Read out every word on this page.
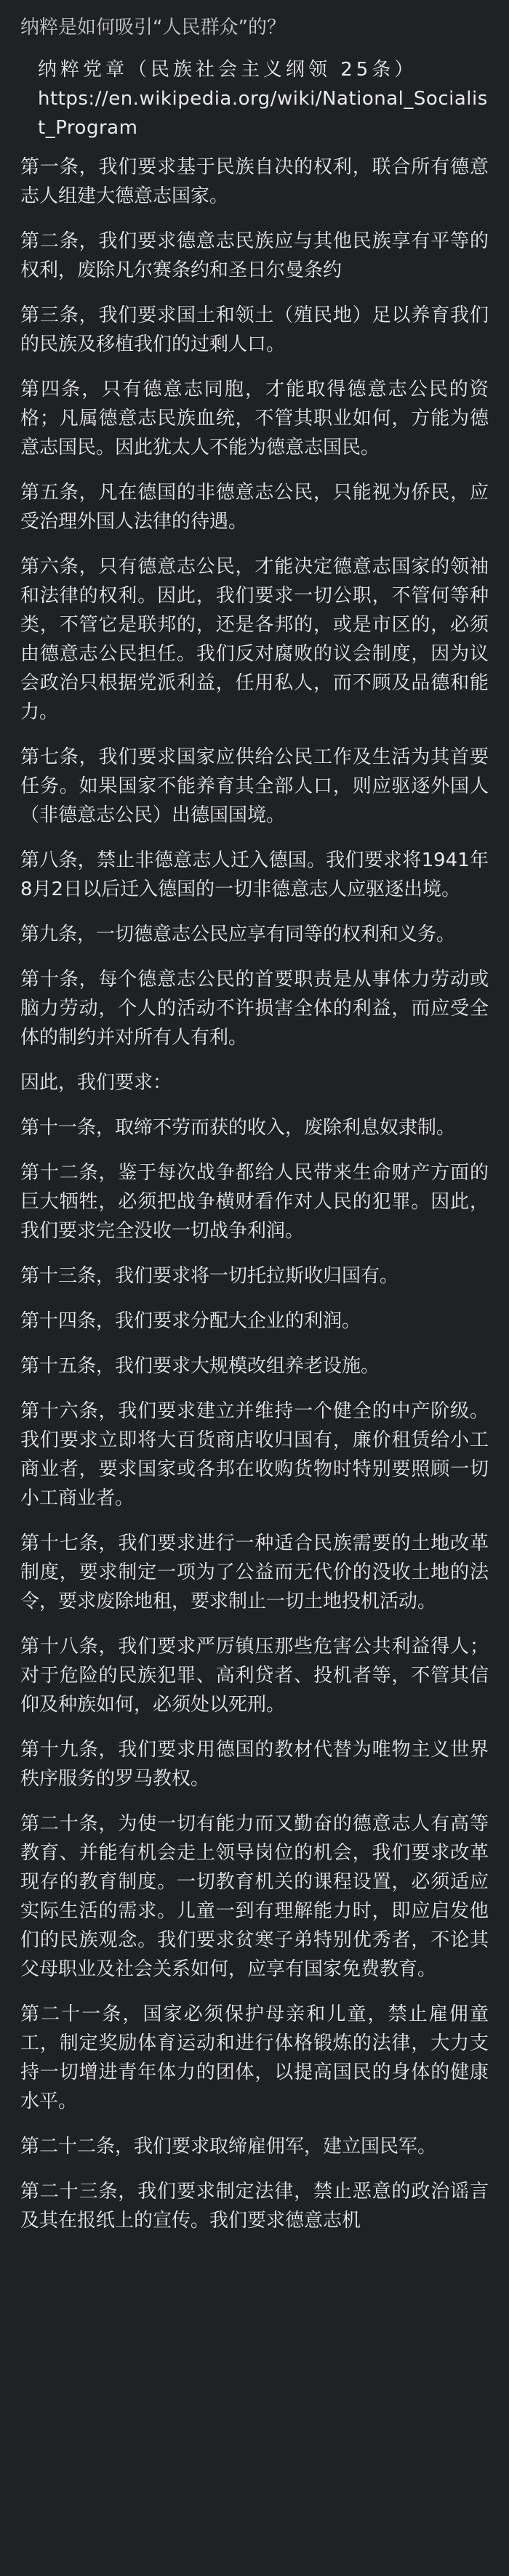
纳粹是如何吸引“人民群众”的？
纳粹党章（民族社会主义纲领 25条）
https://en.wikipedia.org/wiki/National_Socialist_Program
第一条，我们要求基于民族自决的权利，联合所有德意志人组建大德意志国家。
第二条，我们要求德意志民族应与其他民族享有平等的权利，废除凡尔赛条约和圣日尔曼条约
第三条，我们要求国土和领土（殖民地）足以养育我们的民族及移植我们的过剩人口。
第四条，只有德意志同胞，才能取得德意志公民的资格；凡属德意志民族血统，不管其职业如何，方能为德意志国民。因此犹太人不能为德意志国民。
第五条，凡在德国的非德意志公民，只能视为侨民，应受治理外国人法律的待遇。
第六条，只有德意志公民，才能决定德意志国家的领袖和法律的权利。因此，我们要求一切公职，不管何等种类，不管它是联邦的，还是各邦的，或是市区的，必须由德意志公民担任。我们反对腐败的议会制度，因为议会政治只根据党派利益，任用私人，而不顾及品德和能力。
第七条，我们要求国家应供给公民工作及生活为其首要任务。如果国家不能养育其全部人口，则应驱逐外国人（非德意志公民）出德国国境。
第八条，禁止非德意志人迁入德国。我们要求将1941年8月2日以后迁入德国的一切非德意志人应驱逐出境。
第九条，一切德意志公民应享有同等的权利和义务。
第十条，每个德意志公民的首要职责是从事体力劳动或脑力劳动，个人的活动不许损害全体的利益，而应受全体的制约并对所有人有利。
因此，我们要求：
第十一条，取缔不劳而获的收入，废除利息奴隶制。
第十二条，鉴于每次战争都给人民带来生命财产方面的巨大牺牲，必须把战争横财看作对人民的犯罪。因此，我们要求完全没收一切战争利润。
第十三条，我们要求将一切托拉斯收归国有。
第十四条，我们要求分配大企业的利润。
第十五条，我们要求大规模改组养老设施。
第十六条，我们要求建立并维持一个健全的中产阶级。我们要求立即将大百货商店收归国有，廉价租赁给小工商业者，要求国家或各邦在收购货物时特别要照顾一切小工商业者。
第十七条，我们要求进行一种适合民族需要的土地改革制度，要求制定一项为了公益而无代价的没收土地的法令，要求废除地租，要求制止一切土地投机活动。
第十八条，我们要求严厉镇压那些危害公共利益得人；对于危险的民族犯罪、高利贷者、投机者等，不管其信仰及种族如何，必须处以死刑。
第十九条，我们要求用德国的教材代替为唯物主义世界秩序服务的罗马教权。
第二十条，为使一切有能力而又勤奋的德意志人有高等教育、并能有机会走上领导岗位的机会，我们要求改革现存的教育制度。一切教育机关的课程设置，必须适应实际生活的需求。儿童一到有理解能力时，即应启发他们的民族观念。我们要求贫寒子弟特别优秀者，不论其父母职业及社会关系如何，应享有国家免费教育。
第二十一条，国家必须保护母亲和儿童，禁止雇佣童工，制定奖励体育运动和进行体格锻炼的法律，大力支持一切增进青年体力的团体，以提高国民的身体的健康水平。
第二十二条，我们要求取缔雇佣军，建立国民军。
第二十三条，我们要求制定法律，禁止恶意的政治谣言及其在报纸上的宣传。我们要求德意志机
